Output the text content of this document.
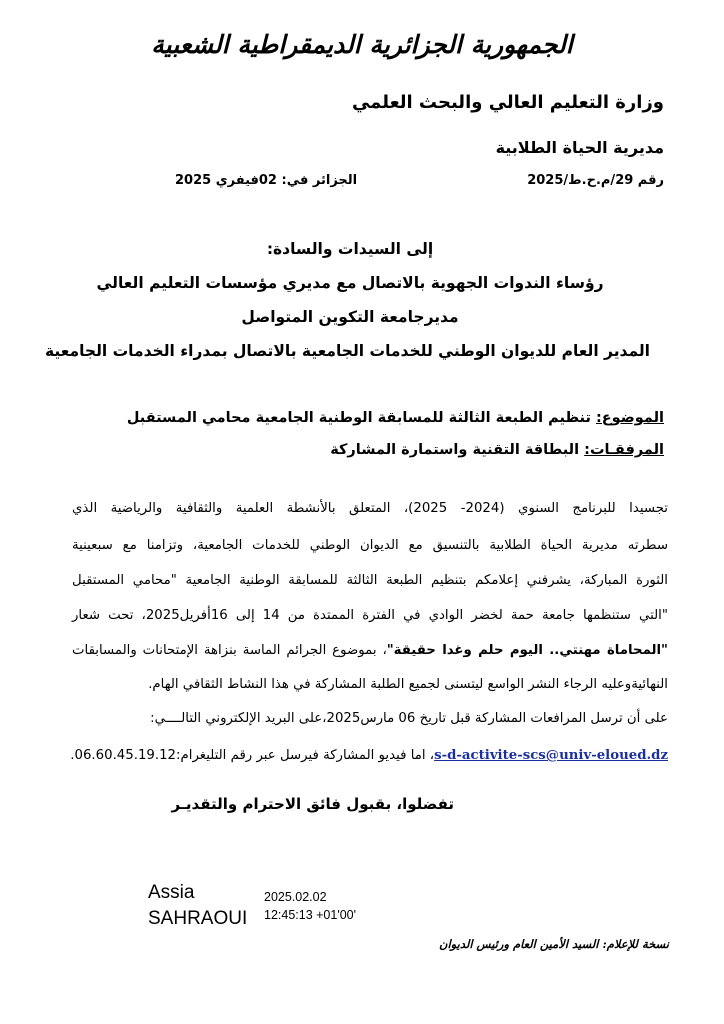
الجمهورية الجزائرية الديمقراطية الشعبية
وزارة التعليم العالي والبحث العلمي
مديرية الحياة الطلابية
رقم 29/م.ح.ط/2025
الجزائر في: 02فيفري 2025
إلى السيدات والسادة:
رؤساء الندوات الجهوية بالاتصال مع مديري مؤسسات التعليم العالي
مديرجامعة التكوين المتواصل
المدير العام للديوان الوطني للخدمات الجامعية بالاتصال بمدراء الخدمات الجامعية
الموضوع: تنظيم الطبعة الثالثة للمسابقة الوطنية الجامعية محامي المستقبل
المرفقـات: البطاقة التقنية واستمارة المشاركة
تجسيدا للبرنامج السنوي (2024- 2025)، المتعلق بالأنشطة العلمية والثقافية والرياضية الذي
سطرته مديرية الحياة الطلابية بالتنسيق مع الديوان الوطني للخدمات الجامعية، وتزامنا مع سبعينية
الثورة المباركة، يشرفني إعلامكم بتنظيم الطبعة الثالثة للمسابقة الوطنية الجامعية "محامي المستقبل
"التي ستنظمها جامعة حمة لخضر الوادي في الفترة الممتدة من 14 إلى 16أفريل2025، تحت شعار
"المحاماة مهنتي.. اليوم حلم وغدا حقيقة"، بموضوع الجرائم الماسة بنزاهة الإمتحانات والمسابقات
النهائيةوعليه الرجاء النشر الواسع ليتسنى لجميع الطلبة المشاركة في هذا النشاط الثقافي الهام.
على أن ترسل المرافعات المشاركة قبل تاريخ 06 مارس2025،على البريد الإلكتروني التالــــي:
s-d-activite-scs@univ-eloued.dz، اما فيديو المشاركة فيرسل عبر رقم التليغرام:06.60.45.19.12.
تفضلوا، بقبول فائق الاحترام والتقديـر
Assia
SAHRAOUI
2025.02.02
12:45:13 +01'00'
نسخة للإعلام: السيد الأمين العام ورئيس الديوان
